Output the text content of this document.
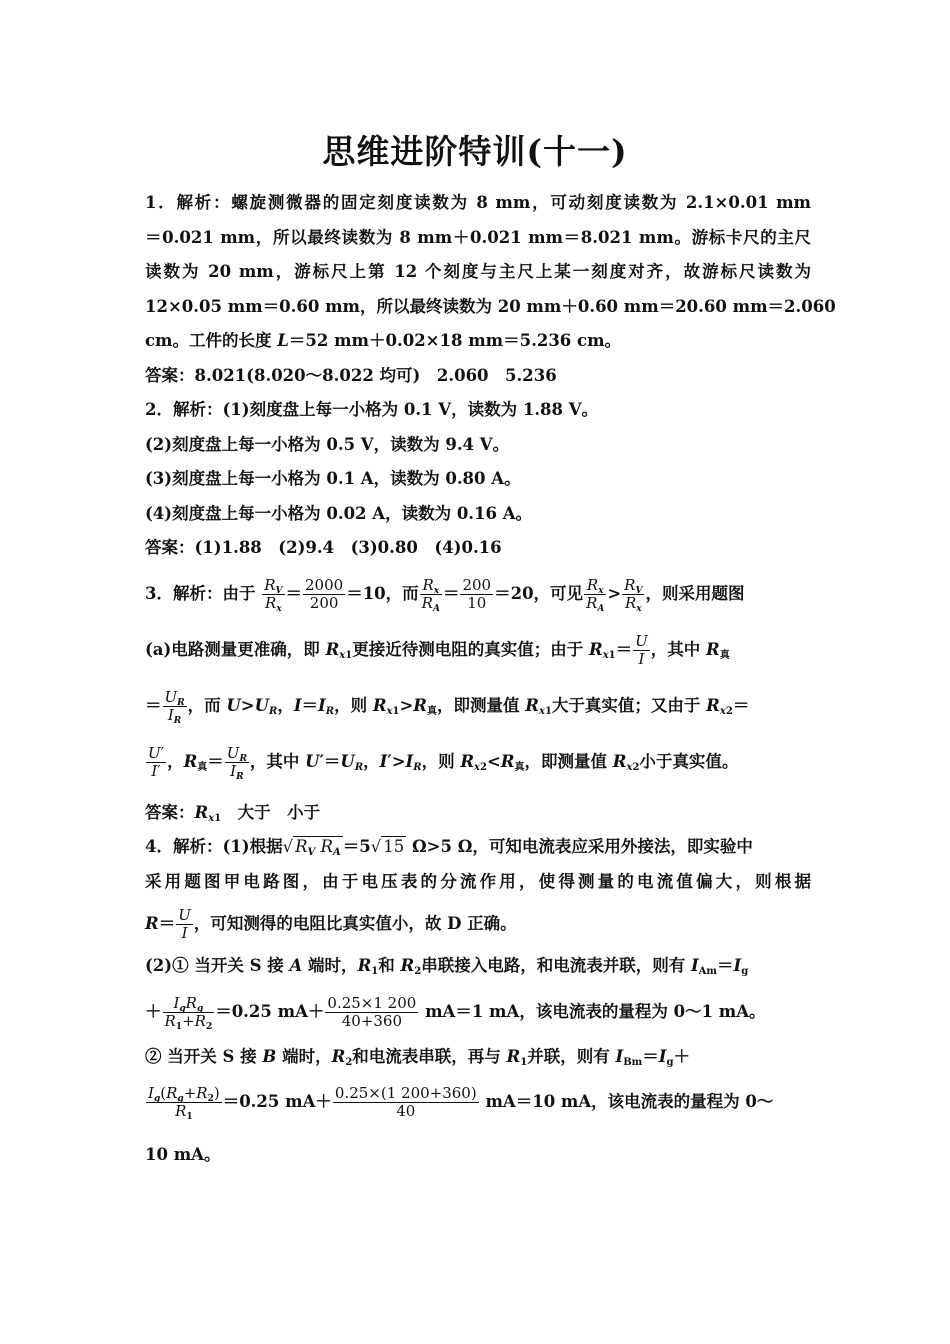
思维进阶特训(十一)
1．解析：螺旋测微器的固定刻度读数为 8 mm，可动刻度读数为 2.1×0.01 mm
＝0.021 mm，所以最终读数为 8 mm＋0.021 mm＝8.021 mm。游标卡尺的主尺
读数为 20 mm，游标尺上第 12 个刻度与主尺上某一刻度对齐，故游标尺读数为
12×0.05 mm＝0.60 mm，所以最终读数为 20 mm＋0.60 mm＝20.60 mm＝2.060
cm。工件的长度 L＝52 mm＋0.02×18 mm＝5.236 cm。
答案：8.021(8.020～8.022 均可)　2.060　5.236
2．解析：(1)刻度盘上每一小格为 0.1 V，读数为 1.88 V。
(2)刻度盘上每一小格为 0.5 V，读数为 9.4 V。
(3)刻度盘上每一小格为 0.1 A，读数为 0.80 A。
(4)刻度盘上每一小格为 0.02 A，读数为 0.16 A。
答案：(1)1.88　(2)9.4　(3)0.80　(4)0.16
3．解析：由于 $\frac{R_V}{R_x} = \frac{2000}{200} =10$，而 $\frac{R_x}{R_A} = \frac{200}{10} =20$，可见 $\frac{R_x}{R_A} > \frac{R_V}{R_x}$ ，则采用题图
(a)电路测量更准确，即 $R_{x1}$更接近待测电阻的真实值；由于 $R_{x1}= \frac{U}{I}$ ，其中 $R_真$
＝ $\frac{U_R}{I_R}$ ，而 $U>U_R$，$I=I_R$，则 $R_{x1}>R_真$，即测量值 $R_{x1}$大于真实值；又由于 $R_{x2}=$
$\frac{U'}{I'}$ ，$R_真= \frac{U_R}{I_R}$ ，其中 $U'=U_R$，$I'>I_R$，则 $R_{x2}<R_真$，即测量值 $R_{x2}$小于真实值。
答案：$R_{x1}$　大于　小于
4．解析：(1)根据√ $R_V$ $R_A =5√$ 15 Ω>5 Ω，可知电流表应采用外接法，即实验中
采用题图甲电路图，由于电压表的分流作用，使得测量的电流值偏大，则根据
$R= \frac{U}{I}$ ，可知测得的电阻比真实值小，故 D 正确。
(2)① 当开关 S 接 A 端时，$R_1$和 $R_2$串联接入电路，和电流表并联，则有 $I_{Am}=I_g$
＋ $\frac{I_gR_g}{R_1+R_2} =0.25$ $mA+ \frac{0.25\times 1 200}{40+360} mA=1$ mA，该电流表的量程为 0～1 mA。
② 当开关 S 接 B 端时，$R_2$和电流表串联，再与 $R_1$并联，则有 $I_{Bm}=I_g+$
$\frac{I_g(R_g+R_2)}{R_1} =0.25$ $mA+ \frac{0.25\times(1 200+360)}{40} mA=10$ mA，该电流表的量程为 0～
10 mA。
